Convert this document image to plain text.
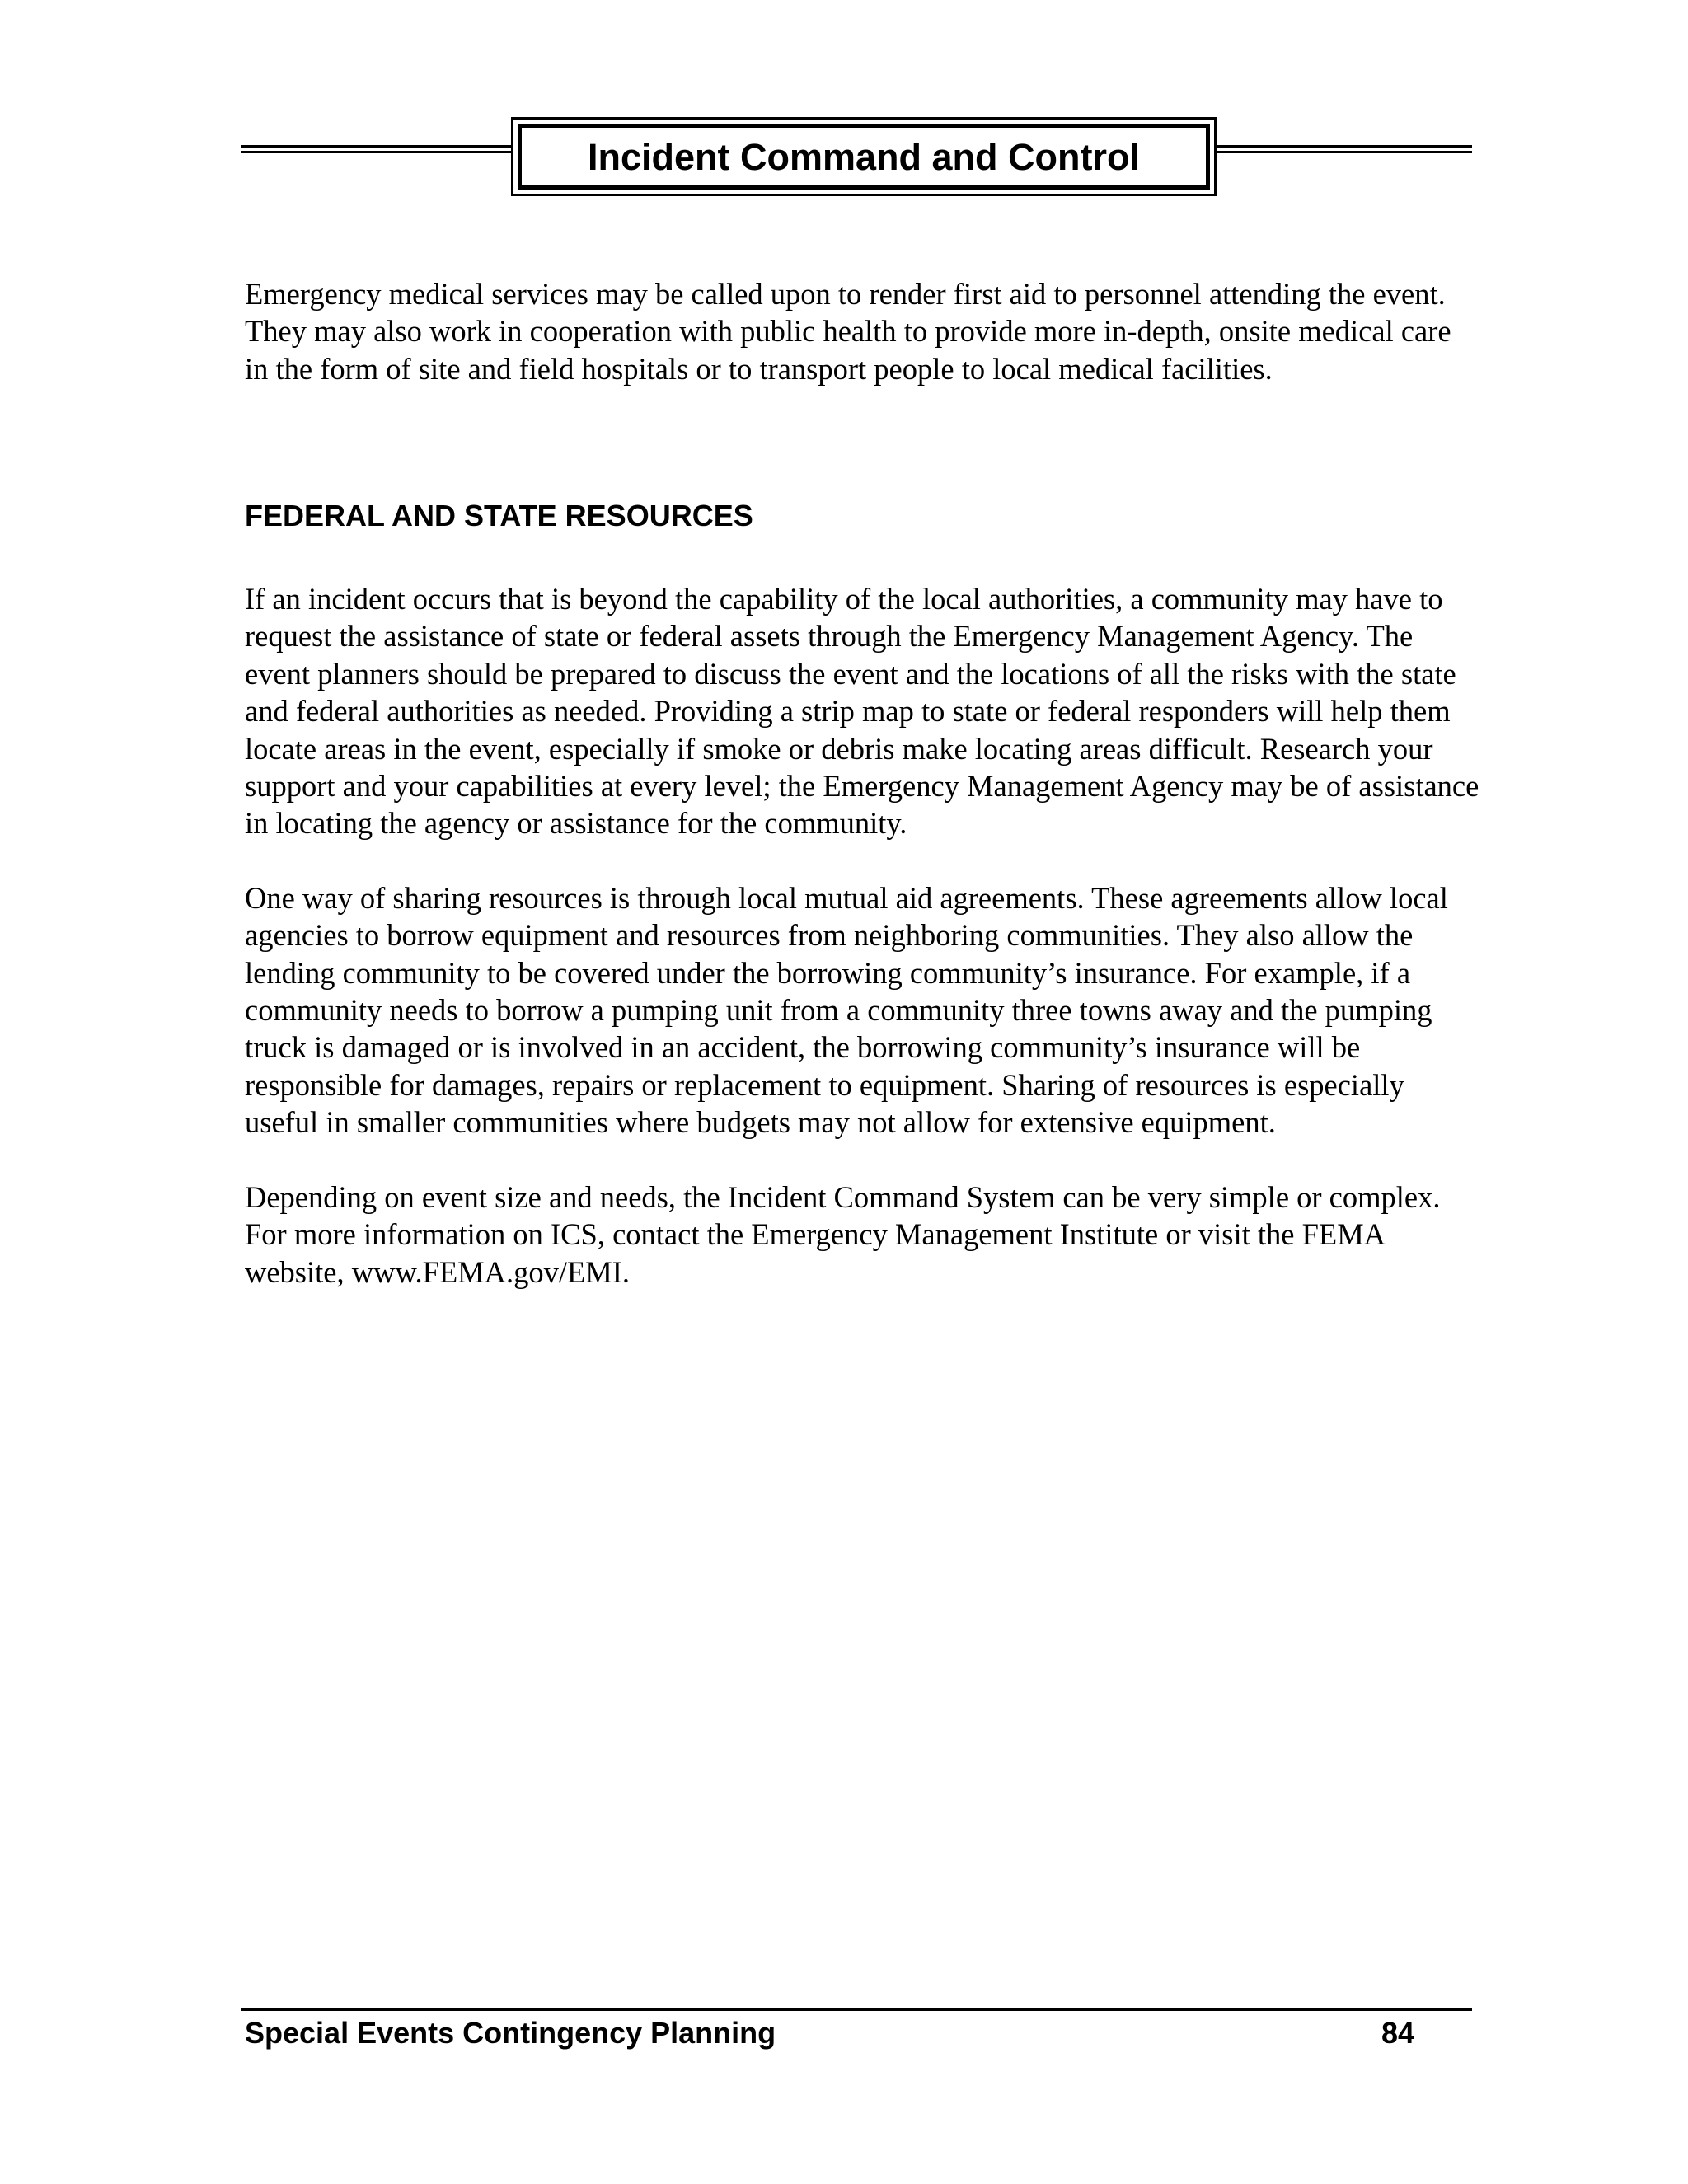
Incident Command and Control

Emergency medical services may be called upon to render first aid to personnel attending the event. They may also work in cooperation with public health to provide more in-depth, onsite medical care in the form of site and field hospitals or to transport people to local medical facilities.

FEDERAL AND STATE RESOURCES

If an incident occurs that is beyond the capability of the local authorities, a community may have to request the assistance of state or federal assets through the Emergency Management Agency. The event planners should be prepared to discuss the event and the locations of all the risks with the state and federal authorities as needed. Providing a strip map to state or federal responders will help them locate areas in the event, especially if smoke or debris make locating areas difficult. Research your support and your capabilities at every level; the Emergency Management Agency may be of assistance in locating the agency or assistance for the community.

One way of sharing resources is through local mutual aid agreements. These agreements allow local agencies to borrow equipment and resources from neighboring communities. They also allow the lending community to be covered under the borrowing community’s insurance. For example, if a community needs to borrow a pumping unit from a community three towns away and the pumping truck is damaged or is involved in an accident, the borrowing community’s insurance will be responsible for damages, repairs or replacement to equipment. Sharing of resources is especially useful in smaller communities where budgets may not allow for extensive equipment.

Depending on event size and needs, the Incident Command System can be very simple or complex. For more information on ICS, contact the Emergency Management Institute or visit the FEMA website, www.FEMA.gov/EMI.

Special Events Contingency Planning	84
